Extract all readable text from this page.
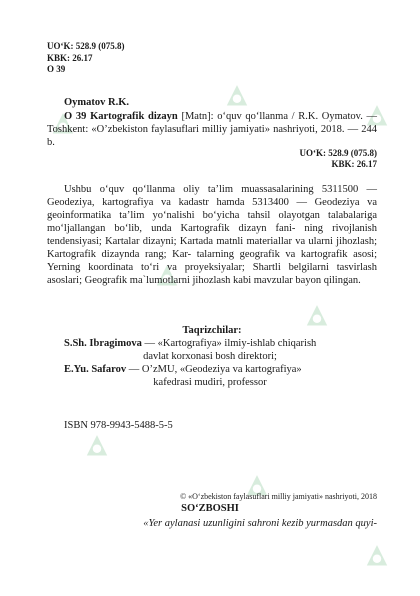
UO‘K: 528.9 (075.8)
KBK: 26.17
O 39
Oymatov R.K.
O 39 Kartografik dizayn [Matn]: o‘quv qo‘llanma / R.K. Oymatov. — Toshkent: «O’zbekiston faylasuflari milliy jamiyati» nashriyoti, 2018. — 244 b.
UO‘K: 528.9 (075.8)
KBK: 26.17
Ushbu o‘quv qo‘llanma oliy ta’lim muassasalarining 5311500 — Geodeziya, kartografiya va kadastr hamda 5313400 — Geodeziya va geoinformatika ta’lim yo‘nalishi bo‘yicha tahsil olayotgan talabalariga mo‘ljallangan bo‘lib, unda Kartografik dizayn fani- ning rivojlanish tendensiyasi; Kartalar dizayni; Kartada matnli materiallar va ularni jihozlash; Kartografik dizaynda rang; Kar- talarning geografik va kartografik asosi; Yerning koordinata to‘ri va proyeksiyalar; Shartli belgilarni tasvirlash asoslari; Geografik ma`lumotlarni jihozlash kabi mavzular bayon qilingan.
Taqrizchilar:
S.Sh. Ibragimova — «Kartografiya» ilmiy-ishlab chiqarish
davlat korxonasi bosh direktori;
E.Yu. Safarov — O’zMU, «Geodeziya va kartografiya»
kafedrasi mudiri, professor
ISBN 978-9943-5488-5-5
© «O‘zbekiston faylasuflari milliy jamiyati» nashriyoti, 2018
SO‘ZBOSHI
«Yer aylanasi uzunligini sahroni kezib yurmasdan quyi-
